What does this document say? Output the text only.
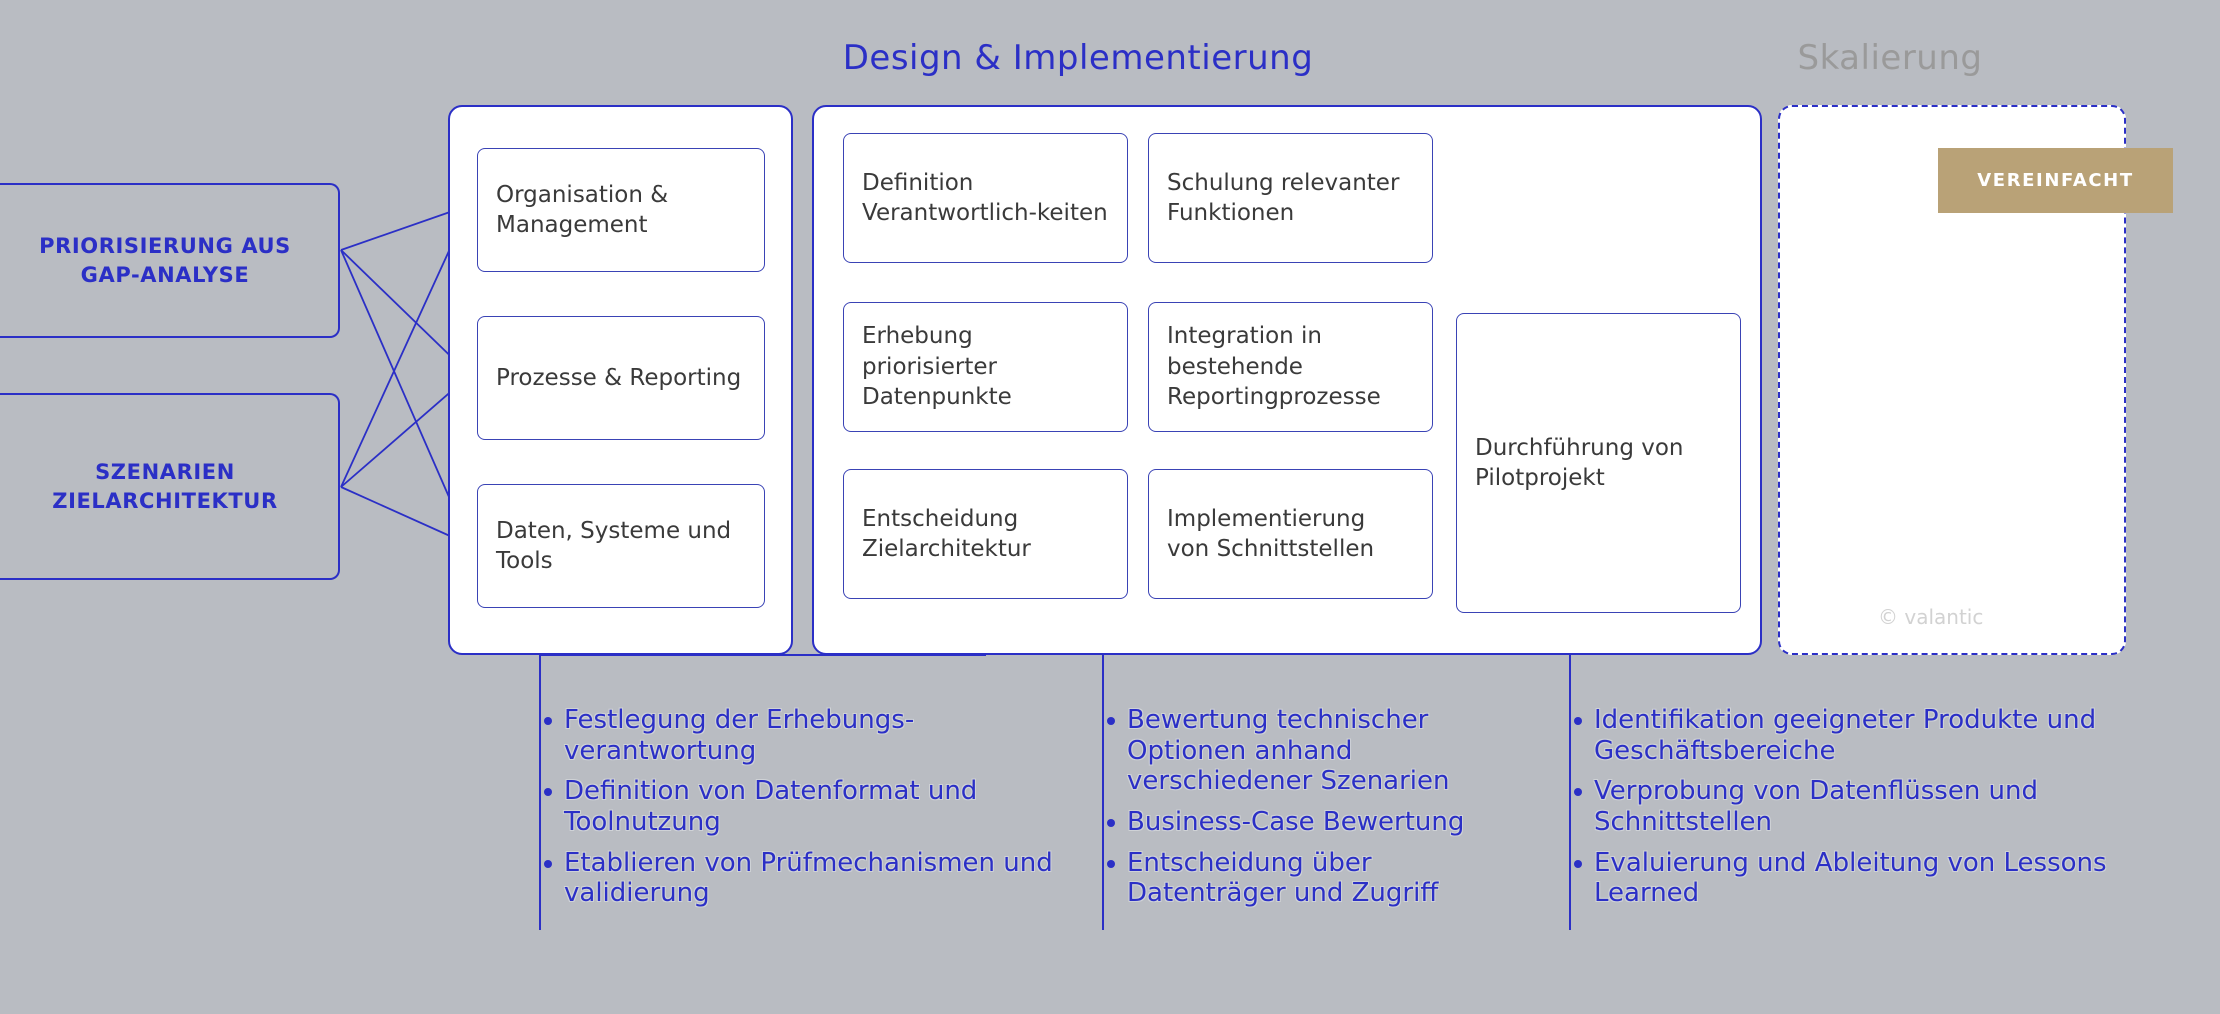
Design & Implementierung	Skalierung
PRIORISIERUNG AUS GAP-ANALYSE
SZENARIEN ZIELARCHITEKTUR
Organisation & Management
Prozesse & Reporting
Daten, Systeme und Tools
Definition Verantwortlich-keiten
Schulung relevanter Funktionen
Erhebung priorisierter Datenpunkte
Integration in bestehende Reportingprozesse
Entscheidung Zielarchitektur
Implementierung von Schnittstellen
Durchführung von Pilotprojekt
VEREINFACHT
© valantic
Festlegung der Erhebungs-verantwortung
Definition von Datenformat und Toolnutzung
Etablieren von Prüfmechanismen und validierung
Bewertung technischer Optionen anhand verschiedener Szenarien
Business-Case Bewertung
Entscheidung über Datenträger und Zugriff
Identifikation geeigneter Produkte und Geschäftsbereiche
Verprobung von Datenflüssen und Schnittstellen
Evaluierung und Ableitung von Lessons Learned
